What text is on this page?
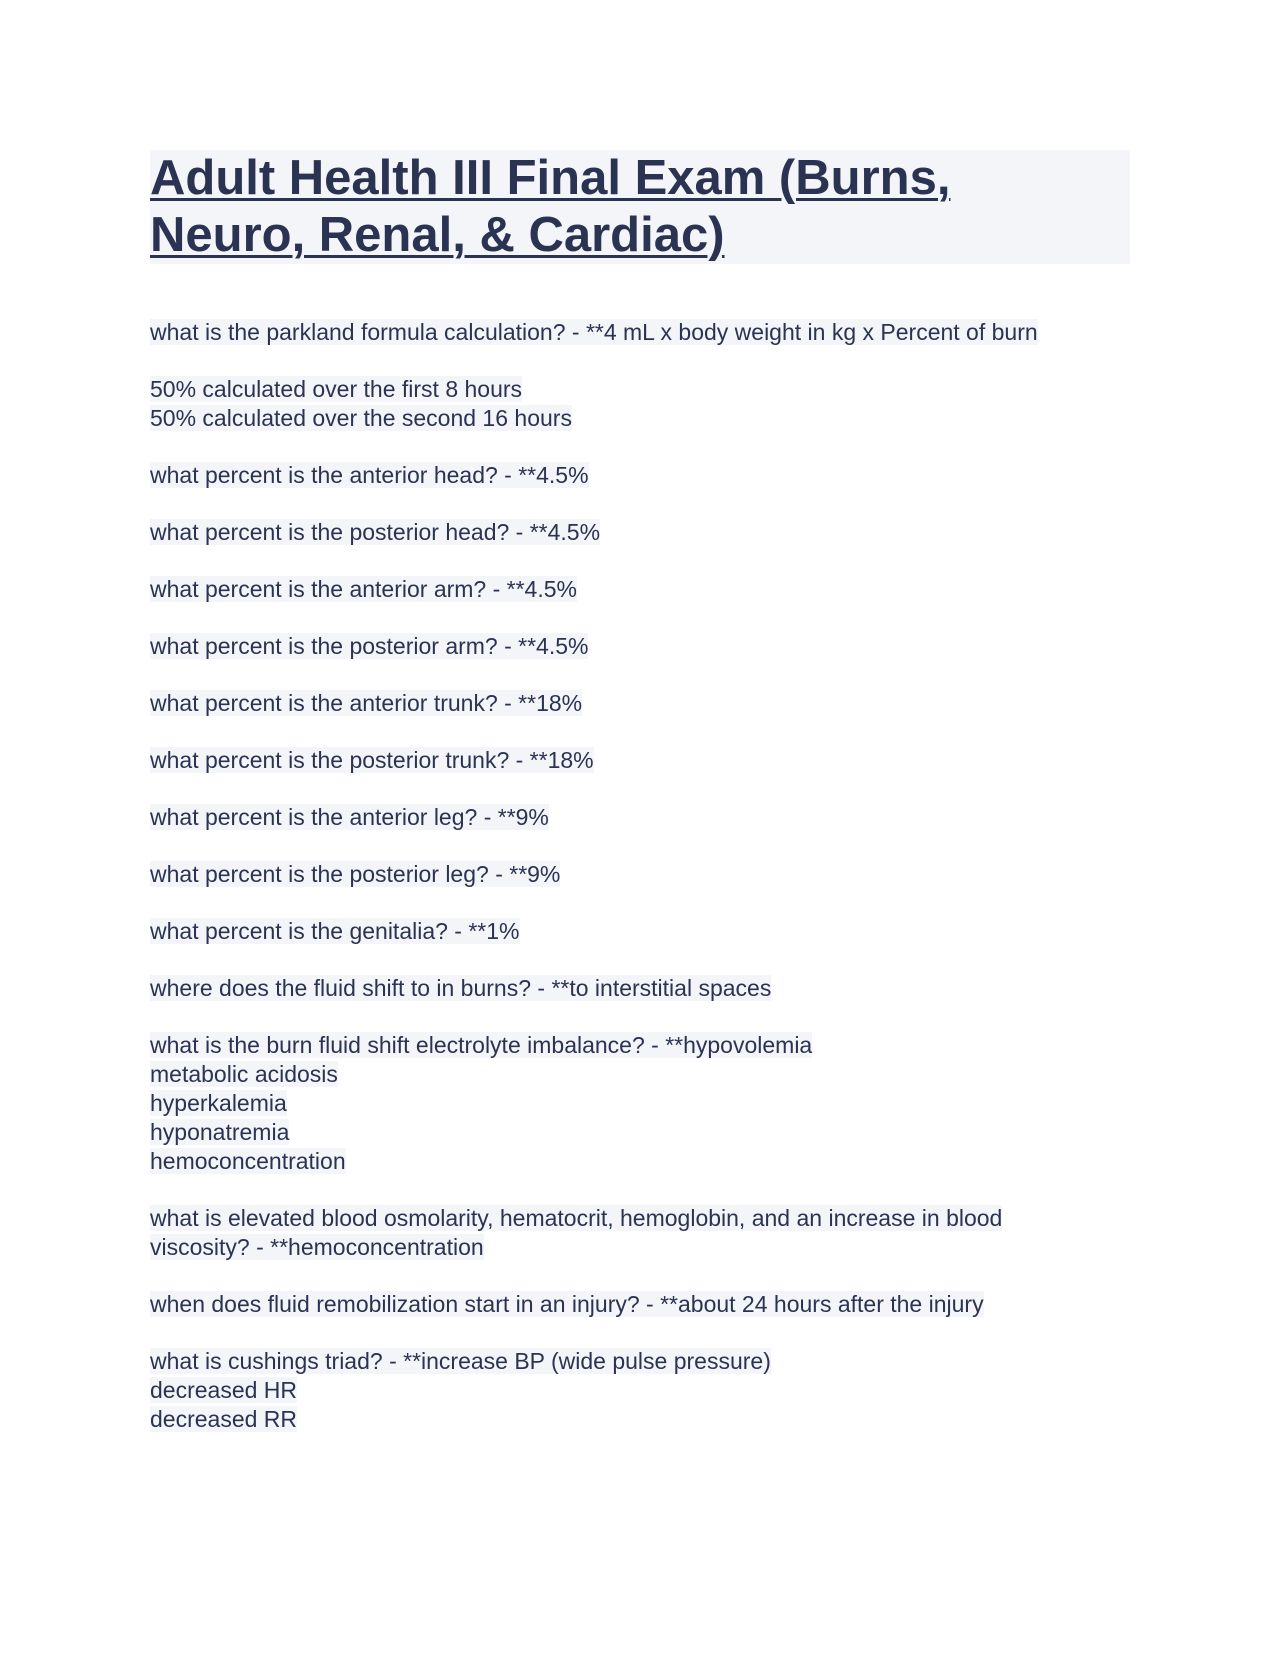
Adult Health III Final Exam (Burns,
Neuro, Renal, & Cardiac)

what is the parkland formula calculation? - **4 mL x body weight in kg x Percent of burn

50% calculated over the first 8 hours
50% calculated over the second 16 hours

what percent is the anterior head? - **4.5%

what percent is the posterior head? - **4.5%

what percent is the anterior arm? - **4.5%

what percent is the posterior arm? - **4.5%

what percent is the anterior trunk? - **18%

what percent is the posterior trunk? - **18%

what percent is the anterior leg? - **9%

what percent is the posterior leg? - **9%

what percent is the genitalia? - **1%

where does the fluid shift to in burns? - **to interstitial spaces

what is the burn fluid shift electrolyte imbalance? - **hypovolemia
metabolic acidosis
hyperkalemia
hyponatremia
hemoconcentration

what is elevated blood osmolarity, hematocrit, hemoglobin, and an increase in blood
viscosity? - **hemoconcentration

when does fluid remobilization start in an injury? - **about 24 hours after the injury

what is cushings triad? - **increase BP (wide pulse pressure)
decreased HR
decreased RR
